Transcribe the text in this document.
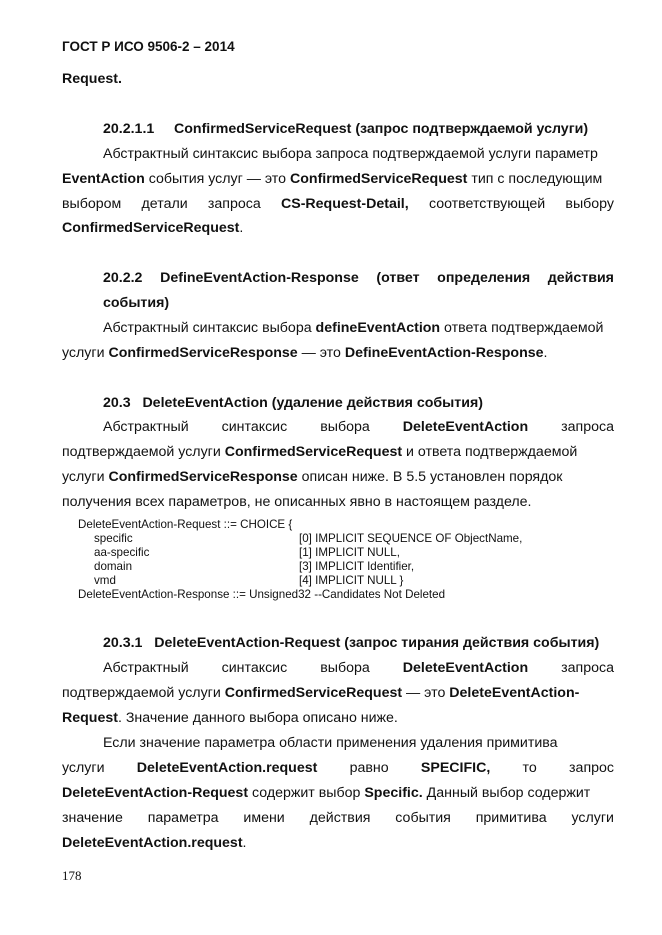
ГОСТ Р ИСО 9506-2 – 2014
Request.
20.2.1.1     ConfirmedServiceRequest (запрос подтверждаемой услуги)
Абстрактный синтаксис выбора запроса подтверждаемой услуги параметр
EventAction события услуг — это ConfirmedServiceRequest тип с последующим
выбором детали запроса CS-Request-Detail, соответствующей выбору
ConfirmedServiceRequest.
20.2.2 DefineEventAction-Response (ответ определения действия
события)
Абстрактный синтаксис выбора defineEventAction ответа подтверждаемой
услуги ConfirmedServiceResponse — это DefineEventAction-Response.
20.3   DeleteEventAction (удаление действия события)
Абстрактный синтаксис выбора DeleteEventAction запроса
подтверждаемой услуги ConfirmedServiceRequest и ответа подтверждаемой
услуги ConfirmedServiceResponse описан ниже. В 5.5 установлен порядок
получения всех параметров, не описанных явно в настоящем разделе.
DeleteEventAction-Request ::= CHOICE {
specific	[0] IMPLICIT SEQUENCE OF ObjectName,
aa-specific	[1] IMPLICIT NULL,
domain	[3] IMPLICIT Identifier,
vmd	[4] IMPLICIT NULL }
DeleteEventAction-Response ::= Unsigned32 --Candidates Not Deleted
20.3.1   DeleteEventAction-Request (запрос тирания действия события)
Абстрактный синтаксис выбора DeleteEventAction запроса
подтверждаемой услуги ConfirmedServiceRequest — это DeleteEventAction-
Request. Значение данного выбора описано ниже.
Если значение параметра области применения удаления примитива
услуги DeleteEventAction.request равно SPECIFIC, то запрос
DeleteEventAction-Request содержит выбор Specific. Данный выбор содержит
значение параметра имени действия события примитива услуги
DeleteEventAction.request.
178
